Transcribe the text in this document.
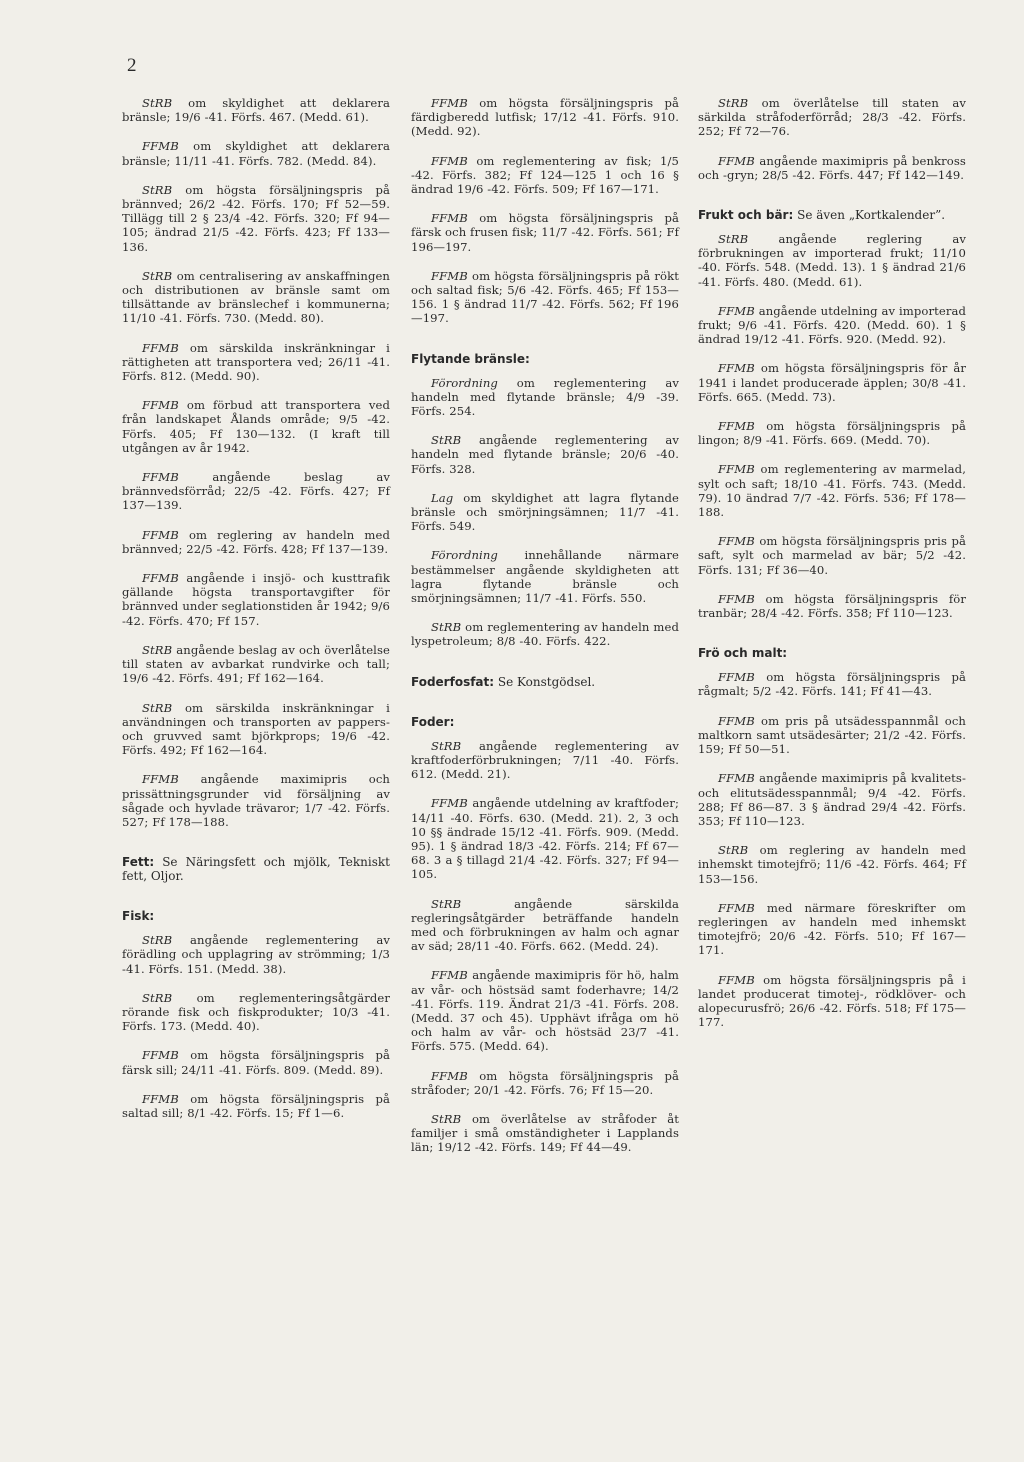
2

StRB om skyldighet att deklarera bränsle; 19/6 -41. Förfs. 467. (Medd. 61).

FFMB om skyldighet att deklarera bränsle; 11/11 -41. Förfs. 782. (Medd. 84).

StRB om högsta försäljningspris på brännved; 26/2 -42. Förfs. 170; Ff 52—59. Tillägg till 2 § 23/4 -42. Förfs. 320; Ff 94—105; ändrad 21/5 -42. Förfs. 423; Ff 133—136.

StRB om centralisering av anskaffningen och distributionen av bränsle samt om tillsättande av bränslechef i kommunerna; 11/10 -41. Förfs. 730. (Medd. 80).

FFMB om särskilda inskränkningar i rättigheten att transportera ved; 26/11 -41. Förfs. 812. (Medd. 90).

FFMB om förbud att transportera ved från landskapet Ålands område; 9/5 -42. Förfs. 405; Ff 130—132. (I kraft till utgången av år 1942.

FFMB	angående beslag av brännvedsförråd; 22/5 -42. Förfs. 427; Ff 137—139.

FFMB om reglering av handeln med brännved; 22/5 -42. Förfs. 428; Ff 137—139.

FFMB angående i insjö- och kusttrafik gällande högsta transportavgifter för brännved under seglationstiden år 1942; 9/6 -42. Förfs. 470; Ff 157.

StRB angående beslag av och överlåtelse till staten av avbarkat rundvirke och tall; 19/6 -42. Förfs. 491; Ff 162—164.

StRB om särskilda inskränkningar i användningen och transporten av pappers- och gruvved samt björkprops; 19/6 -42. Förfs. 492; Ff 162—164.

FFMB angående maximipris och prissättningsgrunder vid försäljning av sågade och hyvlade trävaror; 1/7 -42. Förfs. 527; Ff 178—188.

Fett: Se Näringsfett och mjölk, Tekniskt fett, Oljor.
Fisk:

StRB angående reglementering av förädling och upplagring av strömming; 1/3 -41. Förfs. 151. (Medd. 38).

StRB om reglementeringsåtgärder rörande fisk och fiskprodukter; 10/3 -41. Förfs. 173. (Medd. 40).

FFMB om högsta försäljningspris på färsk sill; 24/11 -41. Förfs. 809. (Medd. 89).

FFMB om högsta försäljningspris på saltad sill; 8/1 -42. Förfs. 15; Ff 1—6.

FFMB om högsta försäljningspris på färdigberedd lutfisk; 17/12 -41. Förfs. 910. (Medd. 92).

FFMB om reglementering av fisk; 1/5 -42. Förfs. 382; Ff 124—125 1 och 16 § ändrad 19/6 -42. Förfs. 509; Ff 167—171.

FFMB om högsta försäljningspris på färsk och frusen fisk; 11/7 -42. Förfs. 561; Ff 196—197.

FFMB om högsta försäljningspris på rökt och saltad fisk; 5/6 -42. Förfs. 465; Ff 153—156. 1 § ändrad 11/7 -42. Förfs. 562; Ff 196—197.

Flytande bränsle:

Förordning om reglementering av handeln med flytande bränsle; 4/9 -39. Förfs. 254.

StRB angående reglementering av handeln med flytande bränsle; 20/6 -40. Förfs. 328.

Lag om skyldighet att lagra flytande bränsle och smörjningsämnen; 11/7 -41. Förfs. 549.

Förordning innehållande närmare bestämmelser angående skyldigheten att lagra flytande bränsle och smörjningsämnen; 11/7 -41. Förfs. 550.

StRB om reglementering av handeln med lyspetroleum; 8/8 -40. Förfs. 422.

Foderfosfat: Se Konstgödsel.
Foder:

StRB angående reglementering av kraftfoderförbrukningen; 7/11 -40. Förfs. 612. (Medd. 21).

FFMB angående utdelning av kraftfoder; 14/11 -40. Förfs. 630. (Medd. 21). 2, 3 och 10 §§ ändrade 15/12 -41. Förfs. 909. (Medd. 95). 1 § ändrad 18/3 -42. Förfs. 214; Ff 67—68. 3 a § tillagd 21/4 -42. Förfs. 327; Ff 94—105.

StRB	angående särskilda regleringsåtgärder beträffande handeln med och förbrukningen av halm och agnar av säd; 28/11 -40. Förfs. 662. (Medd. 24).

FFMB angående maximipris för hö, halm av vår- och höstsäd samt foderhavre; 14/2 -41. Förfs. 119. Ändrat 21/3 -41. Förfs. 208. (Medd. 37 och 45). Upphävt ifråga om hö och halm av vår- och höstsäd 23/7 -41. Förfs. 575. (Medd. 64).

FFMB om högsta försäljningspris på stråfoder; 20/1 -42. Förfs. 76; Ff 15—20.

StRB om överlåtelse av stråfoder åt familjer i små omständigheter i Lapplands län; 19/12 -42. Förfs. 149; Ff 44—49.

StRB om överlåtelse till staten av särkilda stråfoderförråd; 28/3 -42. Förfs. 252; Ff 72—76.

FFMB angående maximipris på benkross och -gryn; 28/5 -42. Förfs. 447; Ff 142—149.

Frukt och bär: Se även „Kortkalender”.

StRB	angående reglering av förbrukningen av importerad frukt; 11/10 -40. Förfs. 548. (Medd. 13). 1 § ändrad 21/6 -41. Förfs. 480. (Medd. 61).

FFMB angående utdelning av importerad frukt; 9/6 -41. Förfs. 420. (Medd. 60). 1 § ändrad 19/12 -41. Förfs. 920. (Medd. 92).

FFMB om högsta försäljningspris för år 1941 i landet producerade äpplen; 30/8 -41. Förfs. 665. (Medd. 73).

FFMB om högsta försäljningspris på lingon; 8/9 -41. Förfs. 669. (Medd. 70).

FFMB om reglementering av marmelad, sylt och saft; 18/10 -41. Förfs. 743. (Medd. 79). 10 ändrad 7/7 -42. Förfs. 536; Ff 178—188.

FFMB om högsta försäljningspris pris på saft, sylt och marmelad av bär; 5/2 -42. Förfs. 131; Ff 36—40.

FFMB om högsta försäljningspris för tranbär; 28/4 -42. Förfs. 358; Ff 110—123.

Frö och malt:

FFMB om högsta försäljningspris på rågmalt; 5/2 -42. Förfs. 141; Ff 41—43.

FFMB om pris på utsädesspannmål och maltkorn samt utsädesärter; 21/2 -42. Förfs. 159; Ff 50—51.

FFMB angående maximipris på kvalitets- och elitutsädesspannmål; 9/4 -42. Förfs. 288; Ff 86—87. 3 § ändrad 29/4 -42. Förfs. 353; Ff 110—123.

StRB om reglering av handeln med inhemskt timotejfrö; 11/6 -42. Förfs. 464; Ff 153—156.

FFMB med närmare föreskrifter om regleringen av handeln med inhemskt timotejfrö; 20/6 -42. Förfs. 510; Ff 167—171.

FFMB om högsta försäljningspris på i landet producerat timotej-, rödklöver- och alopecurusfrö; 26/6 -42. Förfs. 518; Ff 175—177.
